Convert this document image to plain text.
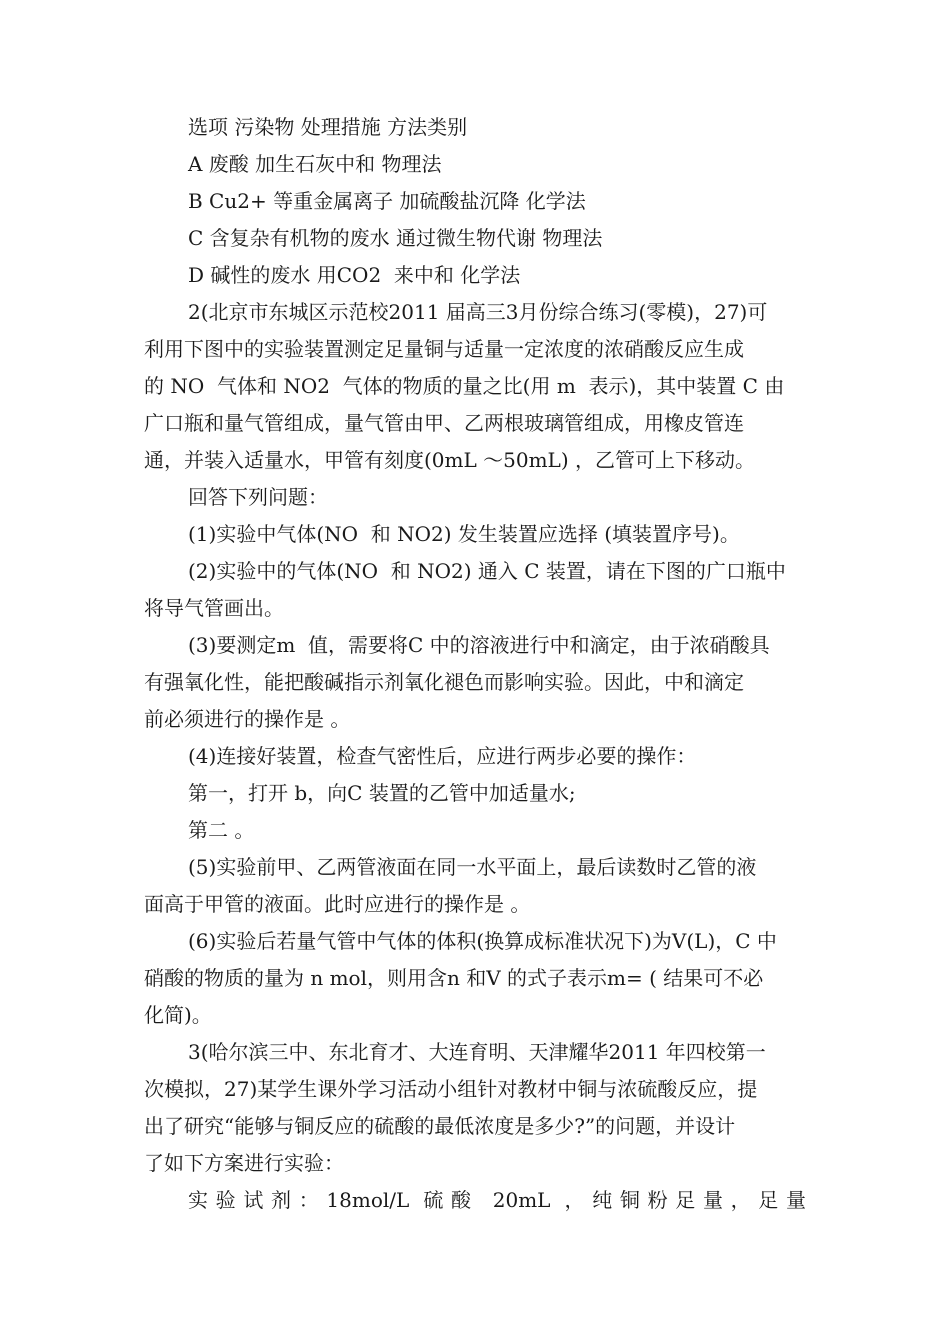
选项 污染物 处理措施 方法类别
A 废酸 加生石灰中和 物理法
B Cu2+ 等重金属离子 加硫酸盐沉降 化学法
C 含复杂有机物的废水 通过微生物代谢 物理法
D 碱性的废水 用CO2  来中和 化学法
2(北京市东城区示范校2011 届高三3月份综合练习(零模)，27)可
利用下图中的实验装置测定足量铜与适量一定浓度的浓硝酸反应生成
的 NO  气体和 NO2  气体的物质的量之比(用 m  表示)，其中装置 C 由
广口瓶和量气管组成，量气管由甲、乙两根玻璃管组成，用橡皮管连
通，并装入适量水，甲管有刻度(0mL ～50mL) ，乙管可上下移动。
回答下列问题：
(1)实验中气体(NO  和 NO2) 发生装置应选择 (填装置序号)。
(2)实验中的气体(NO  和 NO2) 通入 C 装置，请在下图的广口瓶中
将导气管画出。
(3)要测定m  值，需要将C 中的溶液进行中和滴定，由于浓硝酸具
有强氧化性，能把酸碱指示剂氧化褪色而影响实验。因此，中和滴定
前必须进行的操作是 。
(4)连接好装置，检查气密性后，应进行两步必要的操作：
第一，打开 b，向C 装置的乙管中加适量水;
第二 。
(5)实验前甲、乙两管液面在同一水平面上，最后读数时乙管的液
面高于甲管的液面。此时应进行的操作是 。
(6)实验后若量气管中气体的体积(换算成标准状况下)为V(L)，C 中
硝酸的物质的量为 n mol，则用含n 和V 的式子表示m= ( 结果可不必
化简)。
3(哈尔滨三中、东北育才、大连育明、天津耀华2011 年四校第一
次模拟，27)某学生课外学习活动小组针对教材中铜与浓硫酸反应，提
出了研究“能够与铜反应的硫酸的最低浓度是多少?”的问题，并设计
了如下方案进行实验：
实验试剂：18mol/L 硫酸 20mL ，纯铜粉足量，足量
